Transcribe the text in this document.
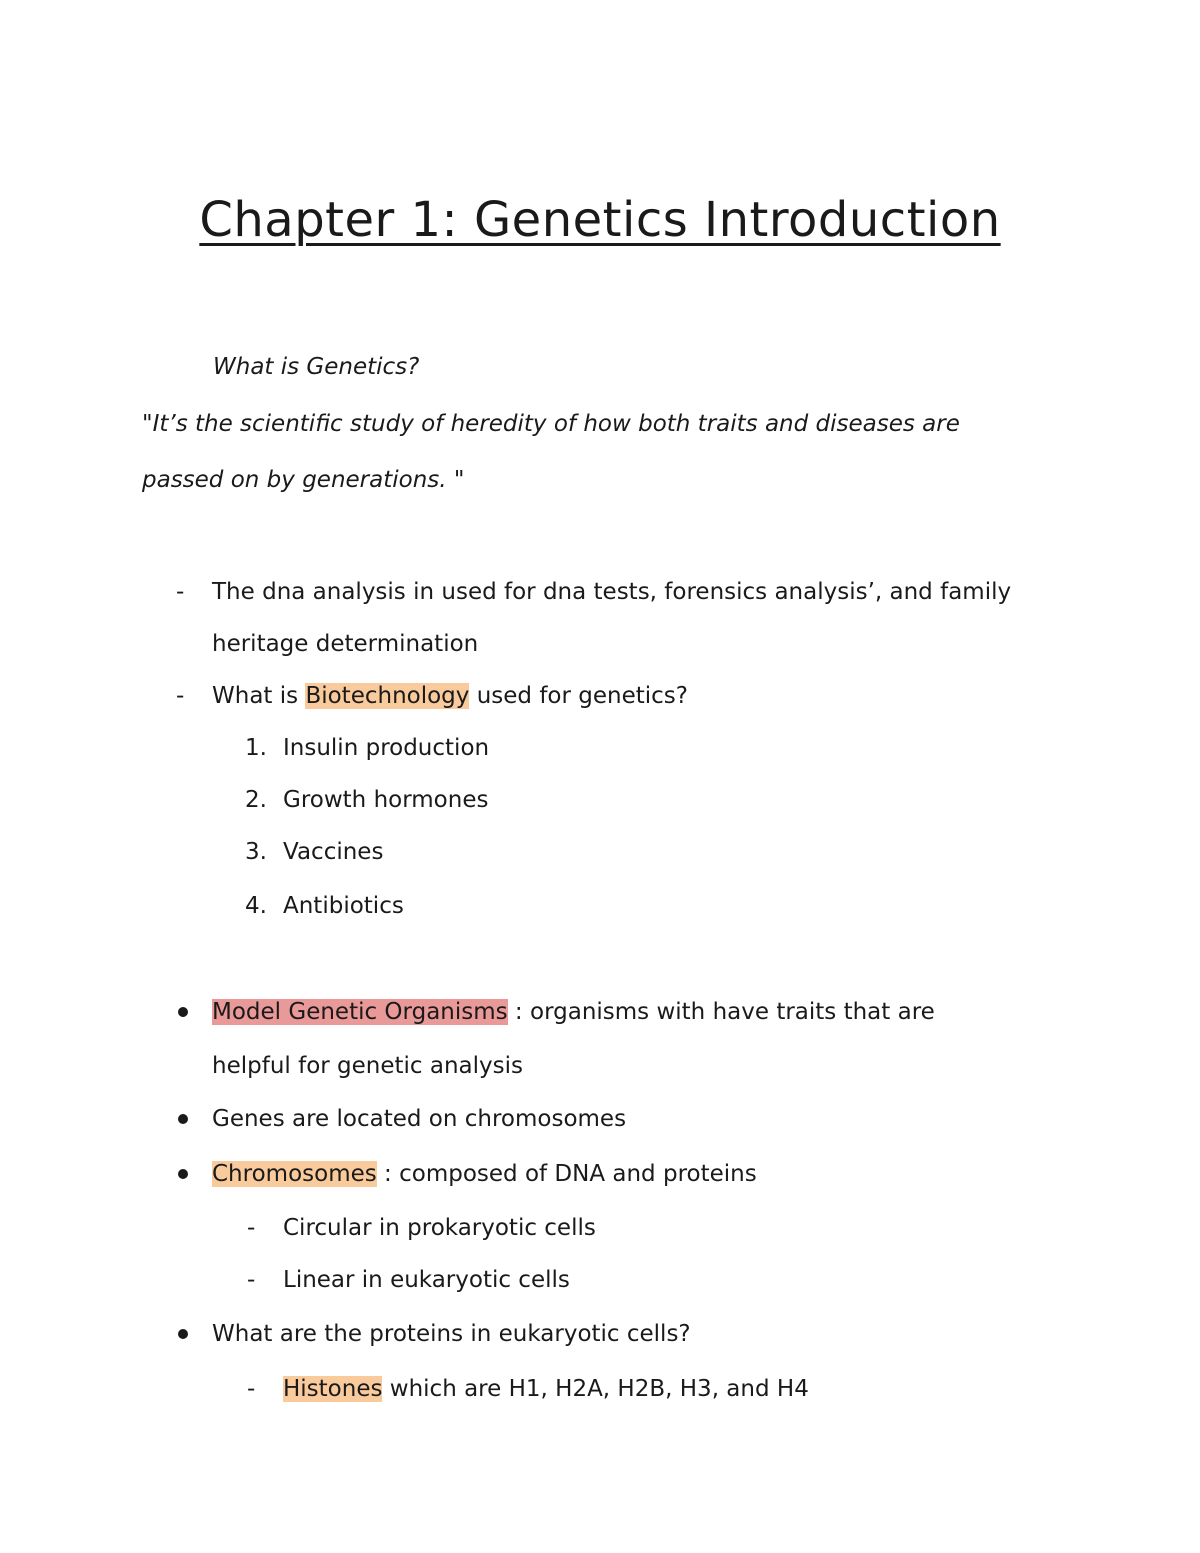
Chapter 1: Genetics Introduction
What is Genetics?
"It’s the scientific study of heredity of how both traits and diseases are
passed on by generations. "
- The dna analysis in used for dna tests, forensics analysis’, and family
heritage determination
- What is Biotechnology used for genetics?
1. Insulin production
2. Growth hormones
3. Vaccines
4. Antibiotics
Model Genetic Organisms : organisms with have traits that are
helpful for genetic analysis
Genes are located on chromosomes
Chromosomes : composed of DNA and proteins
- Circular in prokaryotic cells
- Linear in eukaryotic cells
What are the proteins in eukaryotic cells?
- Histones which are H1, H2A, H2B, H3, and H4
